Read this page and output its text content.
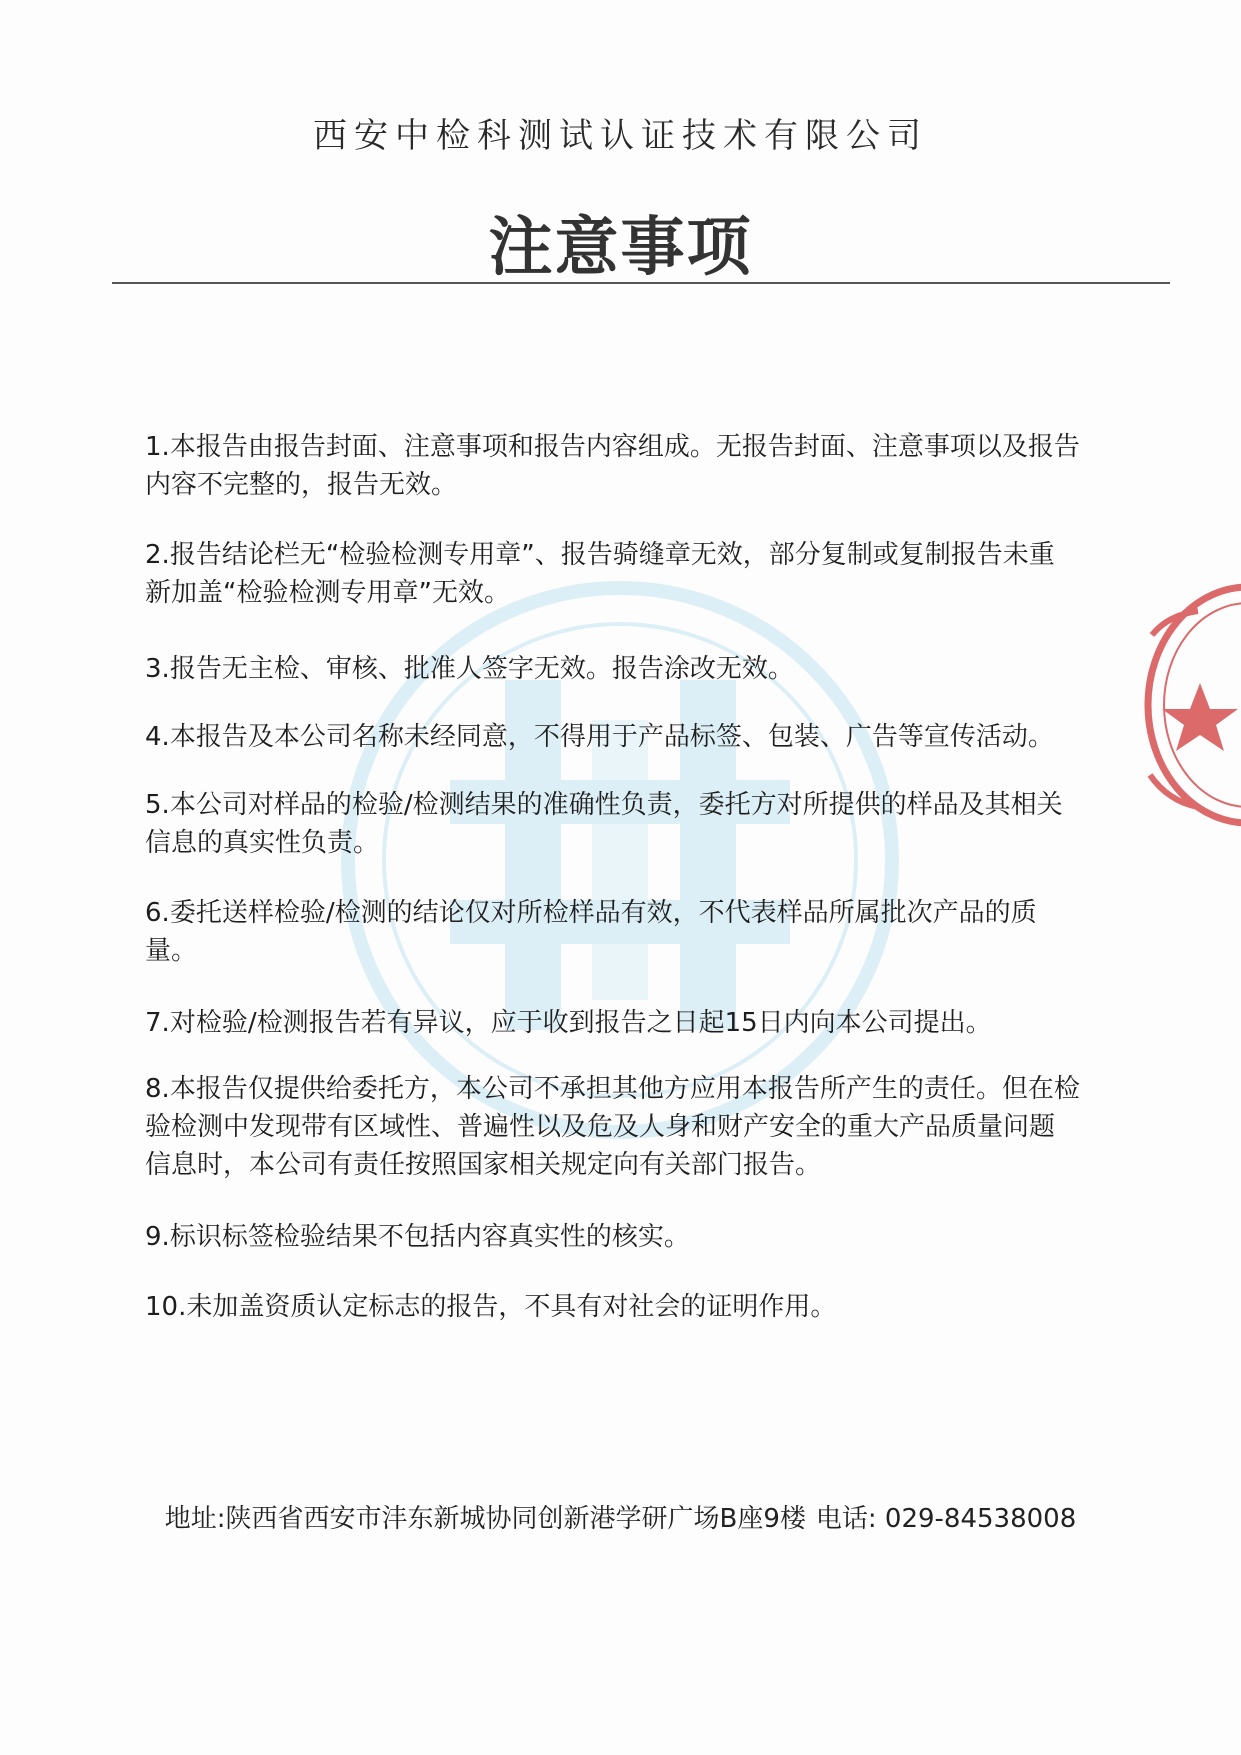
西安中检科测试认证技术有限公司
注意事项
1.本报告由报告封面、注意事项和报告内容组成。无报告封面、注意事项以及报告内容不完整的，报告无效。
2.报告结论栏无“检验检测专用章”、报告骑缝章无效，部分复制或复制报告未重新加盖“检验检测专用章”无效。
3.报告无主检、审核、批准人签字无效。报告涂改无效。
4.本报告及本公司名称未经同意，不得用于产品标签、包装、广告等宣传活动。
5.本公司对样品的检验/检测结果的准确性负责，委托方对所提供的样品及其相关信息的真实性负责。
6.委托送样检验/检测的结论仅对所检样品有效，不代表样品所属批次产品的质量。
7.对检验/检测报告若有异议，应于收到报告之日起15日内向本公司提出。
8.本报告仅提供给委托方，本公司不承担其他方应用本报告所产生的责任。但在检验检测中发现带有区域性、普遍性以及危及人身和财产安全的重大产品质量问题信息时，本公司有责任按照国家相关规定向有关部门报告。
9.标识标签检验结果不包括内容真实性的核实。
10.未加盖资质认定标志的报告，不具有对社会的证明作用。
地址:陕西省西安市沣东新城协同创新港学研广场B座9楼 电话: 029-84538008
